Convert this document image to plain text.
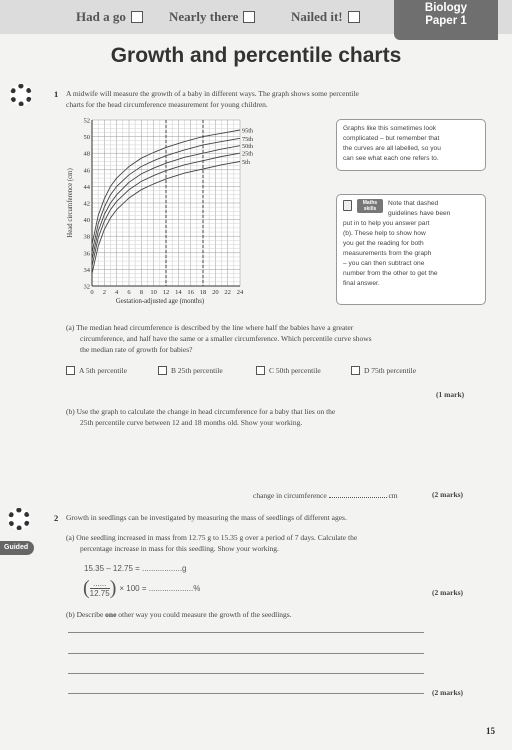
Had a go	Nearly there	Nailed it!
Biology
Paper 1
Growth and percentile charts
1 A midwife will measure the growth of a baby in different ways. The graph shows some percentile
charts for the head circumference measurement for young children.
95th
75th
50th
25th
5th
32
34
36
38
40
42
44
46
48
50
52
0 2 4 6 8 10 12 14 16 18 20 22 24
Gestation-adjusted age (months)
Head circumference (cm)
Graphs like this sometimes look
complicated – but remember that
the curves are all labelled, so you
can see what each one refers to.
Maths skills
Note that dashed
guidelines have been
put in to help you answer part
(b). These help to show how
you get the reading for both
measurements from the graph
– you can then subtract one
number from the other to get the
final answer.
(a) The median head circumference is described by the line where half the babies have a greater
circumference, and half have the same or a smaller circumference. Which percentile curve shows
the median rate of growth for babies?
A 5th percentile	B 25th percentile	C 50th percentile	D 75th percentile
(1 mark)
(b) Use the graph to calculate the change in head circumference for a baby that lies on the
25th percentile curve between 12 and 18 months old. Show your working.
change in circumference	cm	(2 marks)
2 Growth in seedlings can be investigated by measuring the mass of seedlings of different ages.
Guided
(a) One seedling increased in mass from 12.75 g to 15.35 g over a period of 7 days. Calculate the
percentage increase in mass for this seedling. Show your working.
15.35 – 12.75 = ..................g
( ......
12.75 ) × 100 = ....................%	(2 marks)
(b) Describe one other way you could measure the growth of the seedlings.
(2 marks)
15
